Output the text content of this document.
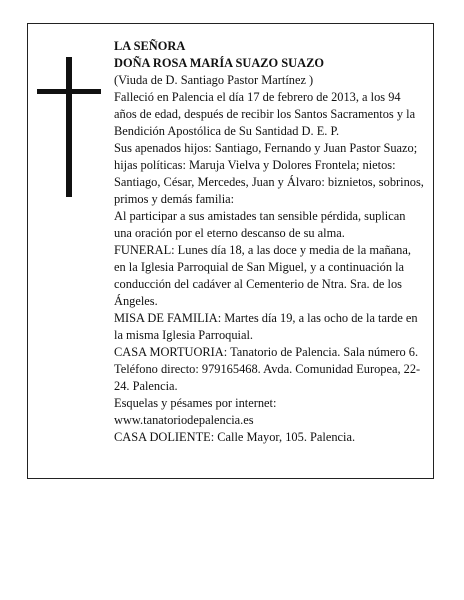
LA SEÑORA

DOÑA ROSA MARÍA SUAZO SUAZO

(Viuda de D. Santiago Pastor Martínez )

Falleció en Palencia el día 17 de febrero de 2013, a los 94 años de edad, después de recibir los Santos Sacramentos y la Bendición Apostólica de Su Santidad D. E. P.

Sus apenados hijos: Santiago, Fernando y Juan Pastor Suazo; hijas políticas: Maruja Vielva y Dolores Frontela; nietos: Santiago, César, Mercedes, Juan y Álvaro: biznietos, sobrinos, primos y demás familia:

Al participar a sus amistades tan sensible pérdida, suplican una oración por el eterno descanso de su alma.

FUNERAL: Lunes día 18, a las doce y media de la mañana, en la Iglesia Parroquial de San Miguel, y a continuación la conducción del cadáver al Cementerio de Ntra. Sra. de los Ángeles.

MISA DE FAMILIA: Martes día 19, a las ocho de la tarde en la misma Iglesia Parroquial.

CASA MORTUORIA: Tanatorio de Palencia. Sala número 6. Teléfono directo: 979165468. Avda. Comunidad Europea, 22-24. Palencia.

Esquelas y pésames por internet:

www.tanatoriodepalencia.es

CASA DOLIENTE: Calle Mayor, 105. Palencia.
